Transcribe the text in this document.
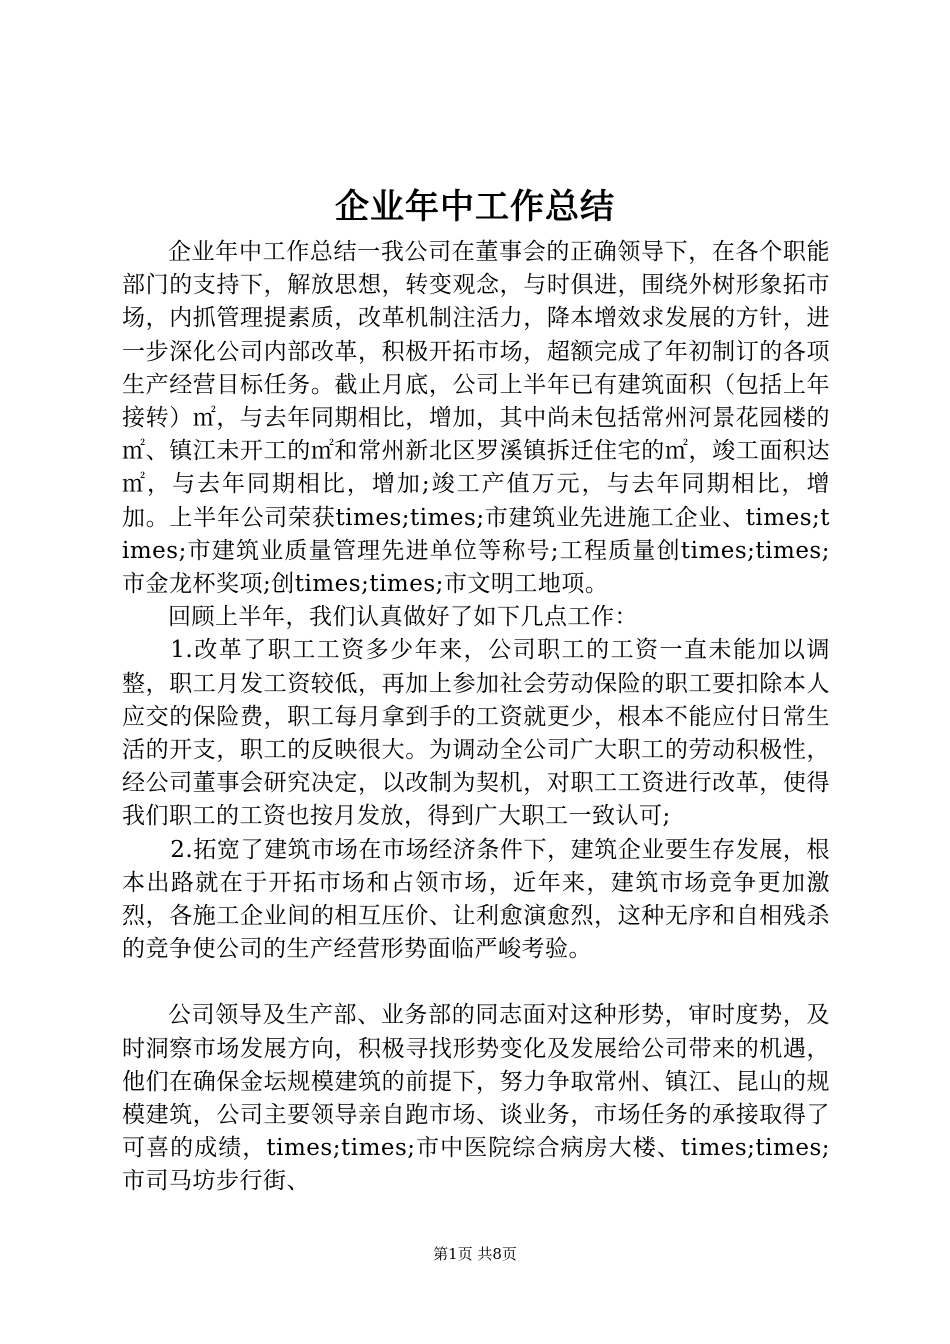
企业年中工作总结

企业年中工作总结一我公司在董事会的正确领导下，在各个职能部门的支持下，解放思想，转变观念，与时俱进，围绕外树形象拓市场，内抓管理提素质，改革机制注活力，降本增效求发展的方针，进一步深化公司内部改革，积极开拓市场，超额完成了年初制订的各项生产经营目标任务。截止月底，公司上半年已有建筑面积（包括上年接转）㎡，与去年同期相比，增加，其中尚未包括常州河景花园楼的㎡、镇江未开工的㎡和常州新北区罗溪镇拆迁住宅的㎡，竣工面积达㎡，与去年同期相比，增加;竣工产值万元，与去年同期相比，增加。上半年公司荣获times;times;市建筑业先进施工企业、times;times;市建筑业质量管理先进单位等称号;工程质量创times;times;市金龙杯奖项;创times;times;市文明工地项。

回顾上半年，我们认真做好了如下几点工作：

1.改革了职工工资多少年来，公司职工的工资一直未能加以调整，职工月发工资较低，再加上参加社会劳动保险的职工要扣除本人应交的保险费，职工每月拿到手的工资就更少，根本不能应付日常生活的开支，职工的反映很大。为调动全公司广大职工的劳动积极性，经公司董事会研究决定，以改制为契机，对职工工资进行改革，使得我们职工的工资也按月发放，得到广大职工一致认可;

2.拓宽了建筑市场在市场经济条件下，建筑企业要生存发展，根本出路就在于开拓市场和占领市场，近年来，建筑市场竞争更加激烈，各施工企业间的相互压价、让利愈演愈烈，这种无序和自相残杀的竞争使公司的生产经营形势面临严峻考验。

公司领导及生产部、业务部的同志面对这种形势，审时度势，及时洞察市场发展方向，积极寻找形势变化及发展给公司带来的机遇，他们在确保金坛规模建筑的前提下，努力争取常州、镇江、昆山的规模建筑，公司主要领导亲自跑市场、谈业务，市场任务的承接取得了可喜的成绩，times;times;市中医院综合病房大楼、times;times;市司马坊步行街、

第1页 共8页
